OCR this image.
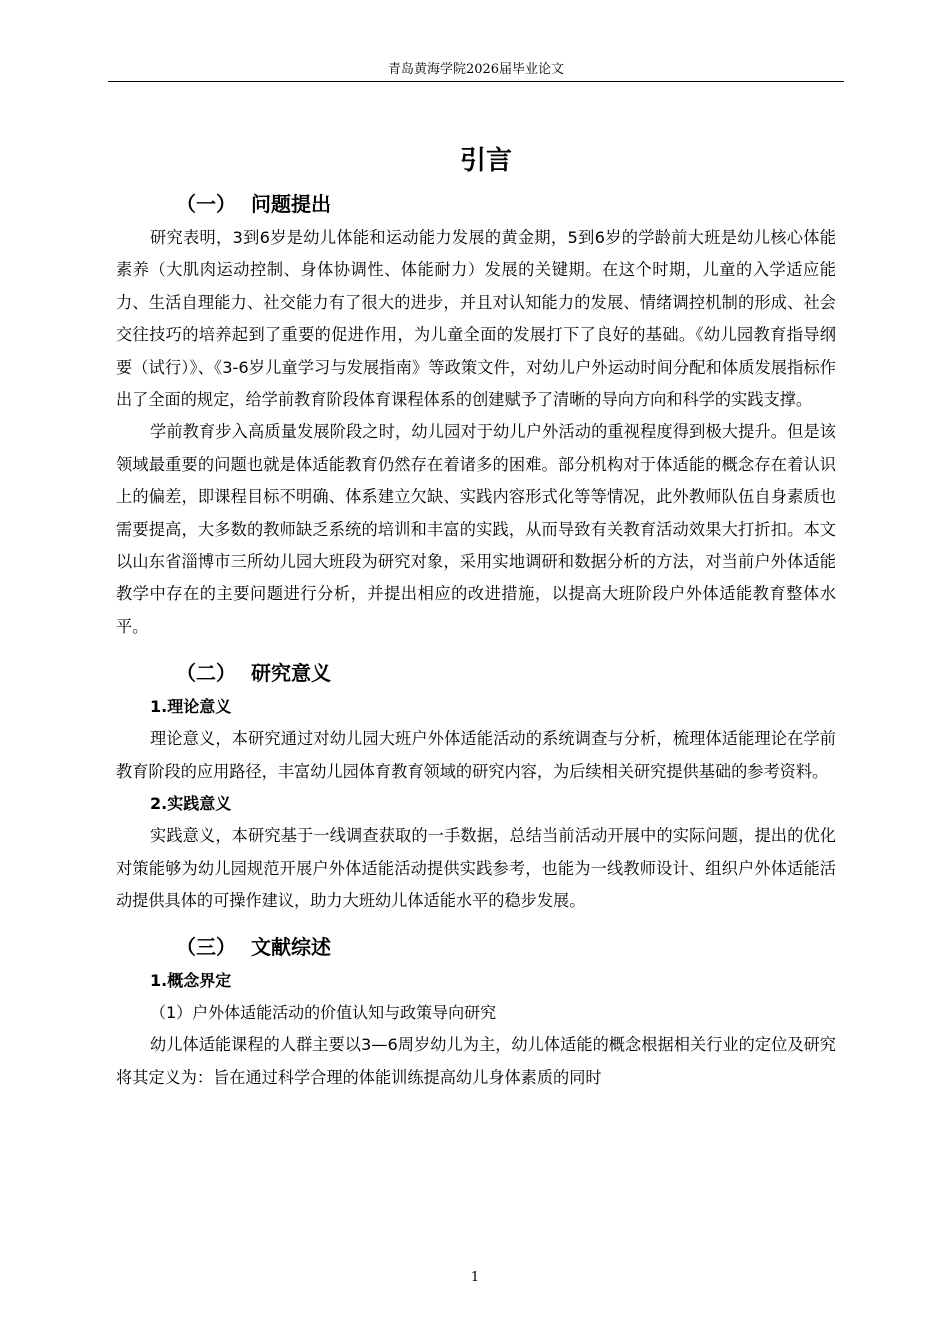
青岛黄海学院2026届毕业论文
引言
（一） 问题提出

研究表明，3到6岁是幼儿体能和运动能力发展的黄金期，5到6岁的学龄前大班是幼儿核心体能素养（大肌肉运动控制、身体协调性、体能耐力）发展的关键期。在这个时期，儿童的入学适应能力、生活自理能力、社交能力有了很大的进步，并且对认知能力的发展、情绪调控机制的形成、社会交往技巧的培养起到了重要的促进作用，为儿童全面的发展打下了良好的基础。《幼儿园教育指导纲要（试行）》、《3-6岁儿童学习与发展指南》等政策文件，对幼儿户外运动时间分配和体质发展指标作出了全面的规定，给学前教育阶段体育课程体系的创建赋予了清晰的导向方向和科学的实践支撑。

学前教育步入高质量发展阶段之时，幼儿园对于幼儿户外活动的重视程度得到极大提升。但是该领域最重要的问题也就是体适能教育仍然存在着诸多的困难。部分机构对于体适能的概念存在着认识上的偏差，即课程目标不明确、体系建立欠缺、实践内容形式化等等情况，此外教师队伍自身素质也需要提高，大多数的教师缺乏系统的培训和丰富的实践，从而导致有关教育活动效果大打折扣。本文以山东省淄博市三所幼儿园大班段为研究对象，采用实地调研和数据分析的方法，对当前户外体适能教学中存在的主要问题进行分析，并提出相应的改进措施，以提高大班阶段户外体适能教育整体水平。

（二） 研究意义
1.理论意义

理论意义，本研究通过对幼儿园大班户外体适能活动的系统调查与分析，梳理体适能理论在学前教育阶段的应用路径，丰富幼儿园体育教育领域的研究内容，为后续相关研究提供基础的参考资料。

2.实践意义

实践意义，本研究基于一线调查获取的一手数据，总结当前活动开展中的实际问题，提出的优化对策能够为幼儿园规范开展户外体适能活动提供实践参考，也能为一线教师设计、组织户外体适能活动提供具体的可操作建议，助力大班幼儿体适能水平的稳步发展。

（三） 文献综述
1.概念界定
（1）户外体适能活动的价值认知与政策导向研究

幼儿体适能课程的人群主要以3—6周岁幼儿为主，幼儿体适能的概念根据相关行业的定位及研究将其定义为：旨在通过科学合理的体能训练提高幼儿身体素质的同时

1
